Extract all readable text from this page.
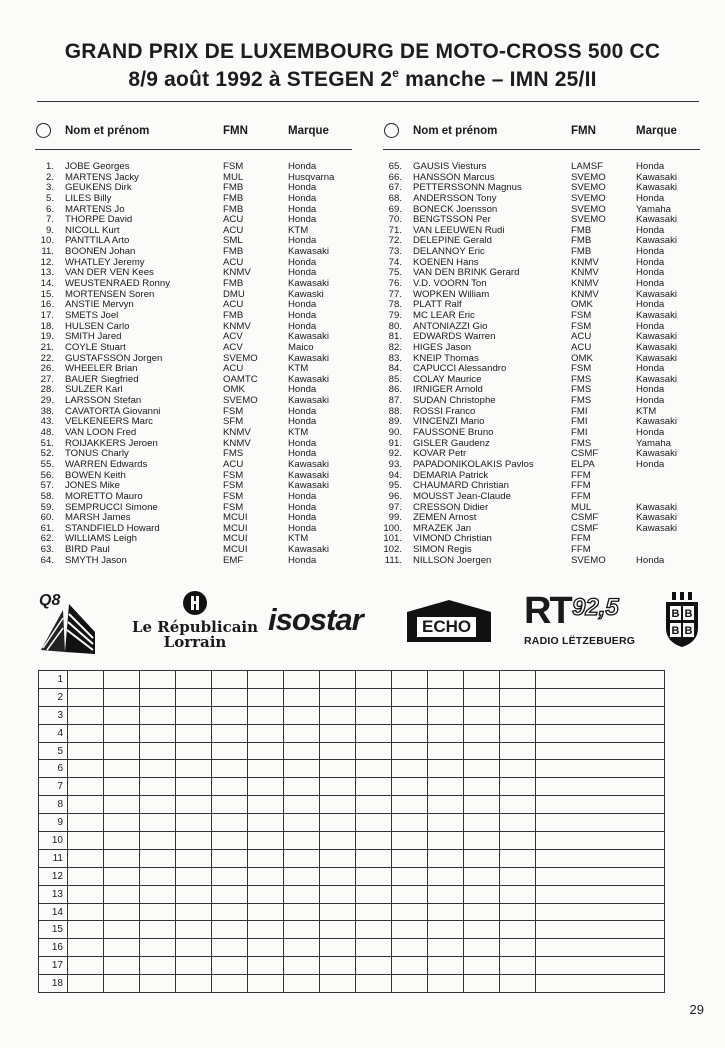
GRAND PRIX DE LUXEMBOURG DE MOTO-CROSS 500 CC
8/9 août 1992 à STEGEN 2e manche – IMN 25/II
Nom et prénom	FMN	Marque
1. JOBE Georges	FSM	Honda
2. MARTENS Jacky	MUL	Husqvarna
3. GEUKENS Dirk	FMB	Honda
5. LILES Billy	FMB	Honda
6. MARTENS Jo	FMB	Honda
7. THORPE David	ACU	Honda
9. NICOLL Kurt	ACU	KTM
10. PANTTILA Arto	SML	Honda
11. BOONEN Johan	FMB	Kawasaki
12. WHATLEY Jeremy	ACU	Honda
13. VAN DER VEN Kees	KNMV	Honda
14. WEUSTENRAED Ronny	FMB	Kawasaki
15. MORTENSEN Soren	DMU	Kawaski
16. ANSTIE Mervyn	ACU	Honda
17. SMETS Joel	FMB	Honda
18. HULSEN Carlo	KNMV	Honda
19. SMITH Jared	ACV	Kawasaki
21. COYLE Stuart	ACV	Maico
22. GUSTAFSSON Jorgen	SVEMO	Kawasaki
26. WHEELER Brian	ACU	KTM
27. BAUER Siegfried	OAMTC	Kawasaki
28. SULZER Karl	OMK	Honda
29. LARSSON Stefan	SVEMO	Kawasaki
38. CAVATORTA Giovanni	FSM	Honda
43. VELKENEERS Marc	SFM	Honda
48. VAN LOON Fred	KNMV	KTM
51. ROIJAKKERS Jeroen	KNMV	Honda
52. TONUS Charly	FMS	Honda
55. WARREN Edwards	ACU	Kawasaki
56. BOWEN Keith	FSM	Kawasaki
57. JONES Mike	FSM	Kawasaki
58. MORETTO Mauro	FSM	Honda
59. SEMPRUCCI Simone	FSM	Honda
60. MARSH James	MCUI	Honda
61. STANDFIELD Howard	MCUI	Honda
62. WILLIAMS Leigh	MCUI	KTM
63. BIRD Paul	MCUI	Kawasaki
64. SMYTH Jason	EMF	Honda
Nom et prénom	FMN	Marque
65. GAUSIS Viesturs	LAMSF	Honda
66. HANSSON Marcus	SVEMO	Kawasaki
67. PETTERSSONN Magnus	SVEMO	Kawasaki
68. ANDERSSON Tony	SVEMO	Honda
69. BONECK Joensson	SVEMO	Yamaha
70. BENGTSSON Per	SVEMO	Kawasaki
71. VAN LEEUWEN Rudi	FMB	Honda
72. DELEPINE Gerald	FMB	Kawasaki
73. DELANNOY Eric	FMB	Honda
74. KOENEN Hans	KNMV	Honda
75. VAN DEN BRINK Gerard	KNMV	Honda
76. V.D. VOORN Ton	KNMV	Honda
77. WOPKEN William	KNMV	Kawasaki
78. PLATT Ralf	OMK	Honda
79. MC LEAR Eric	FSM	Kawasaki
80. ANTONIAZZI Gio	FSM	Honda
81. EDWARDS Warren	ACU	Kawasaki
82. HIGES Jason	ACU	Kawasaki
83. KNEIP Thomas	OMK	Kawasaki
84. CAPUCCI Alessandro	FSM	Honda
85. COLAY Maurice	FMS	Kawasaki
86. IRNIGER Arnold	FMS	Honda
87. SUDAN Christophe	FMS	Honda
88. ROSSI Franco	FMI	KTM
89. VINCENZI Mario	FMI	Kawasaki
90. FAUSSONE Bruno	FMI	Honda
91. GISLER Gaudenz	FMS	Yamaha
92. KOVAR Petr	CSMF	Kawasaki
93. PAPADONIKOLAKIS Pavlos	ELPA	Honda
94. DEMARIA Patrick	FFM
95. CHAUMARD Christian	FFM
96. MOUSST Jean-Claude	FFM
97. CRESSON Didier	MUL	Kawasaki
99. ZEMEN Arnost	CSMF	Kawasaki
100. MRAZEK Jan	CSMF	Kawasaki
101. VIMOND Christian	FFM
102. SIMON Regis	FFM
111. NILLSON Joergen	SVEMO	Honda
Q8
Le Républicain
Lorrain
isostar	ECHO RT 92,5
RADIO LËTZEBUERG
B B
B B
1														
2														
3														
4														
5														
6														
7														
8														
9														
10														
11														
12														
13														
14														
15														
16														
17														
18														
29
